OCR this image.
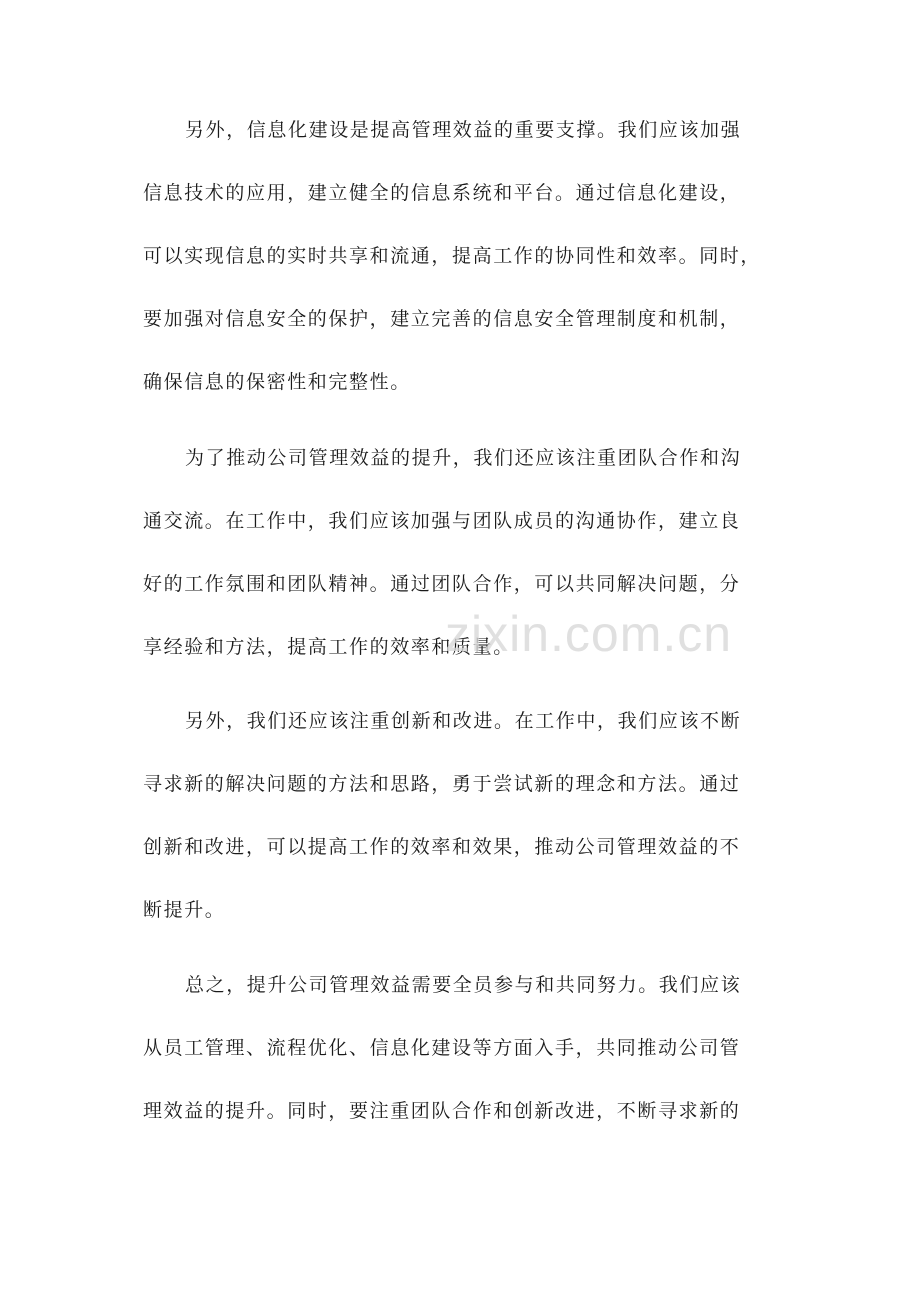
另外，信息化建设是提高管理效益的重要支撑。我们应该加强
信息技术的应用，建立健全的信息系统和平台。通过信息化建设，
可以实现信息的实时共享和流通，提高工作的协同性和效率。同时，
要加强对信息安全的保护，建立完善的信息安全管理制度和机制，
确保信息的保密性和完整性。
为了推动公司管理效益的提升，我们还应该注重团队合作和沟
通交流。在工作中，我们应该加强与团队成员的沟通协作，建立良
好的工作氛围和团队精神。通过团队合作，可以共同解决问题，分
享经验和方法，提高工作的效率和质量。
另外，我们还应该注重创新和改进。在工作中，我们应该不断
寻求新的解决问题的方法和思路，勇于尝试新的理念和方法。通过
创新和改进，可以提高工作的效率和效果，推动公司管理效益的不
断提升。
总之，提升公司管理效益需要全员参与和共同努力。我们应该
从员工管理、流程优化、信息化建设等方面入手，共同推动公司管
理效益的提升。同时，要注重团队合作和创新改进，不断寻求新的
zixin.com.cn
